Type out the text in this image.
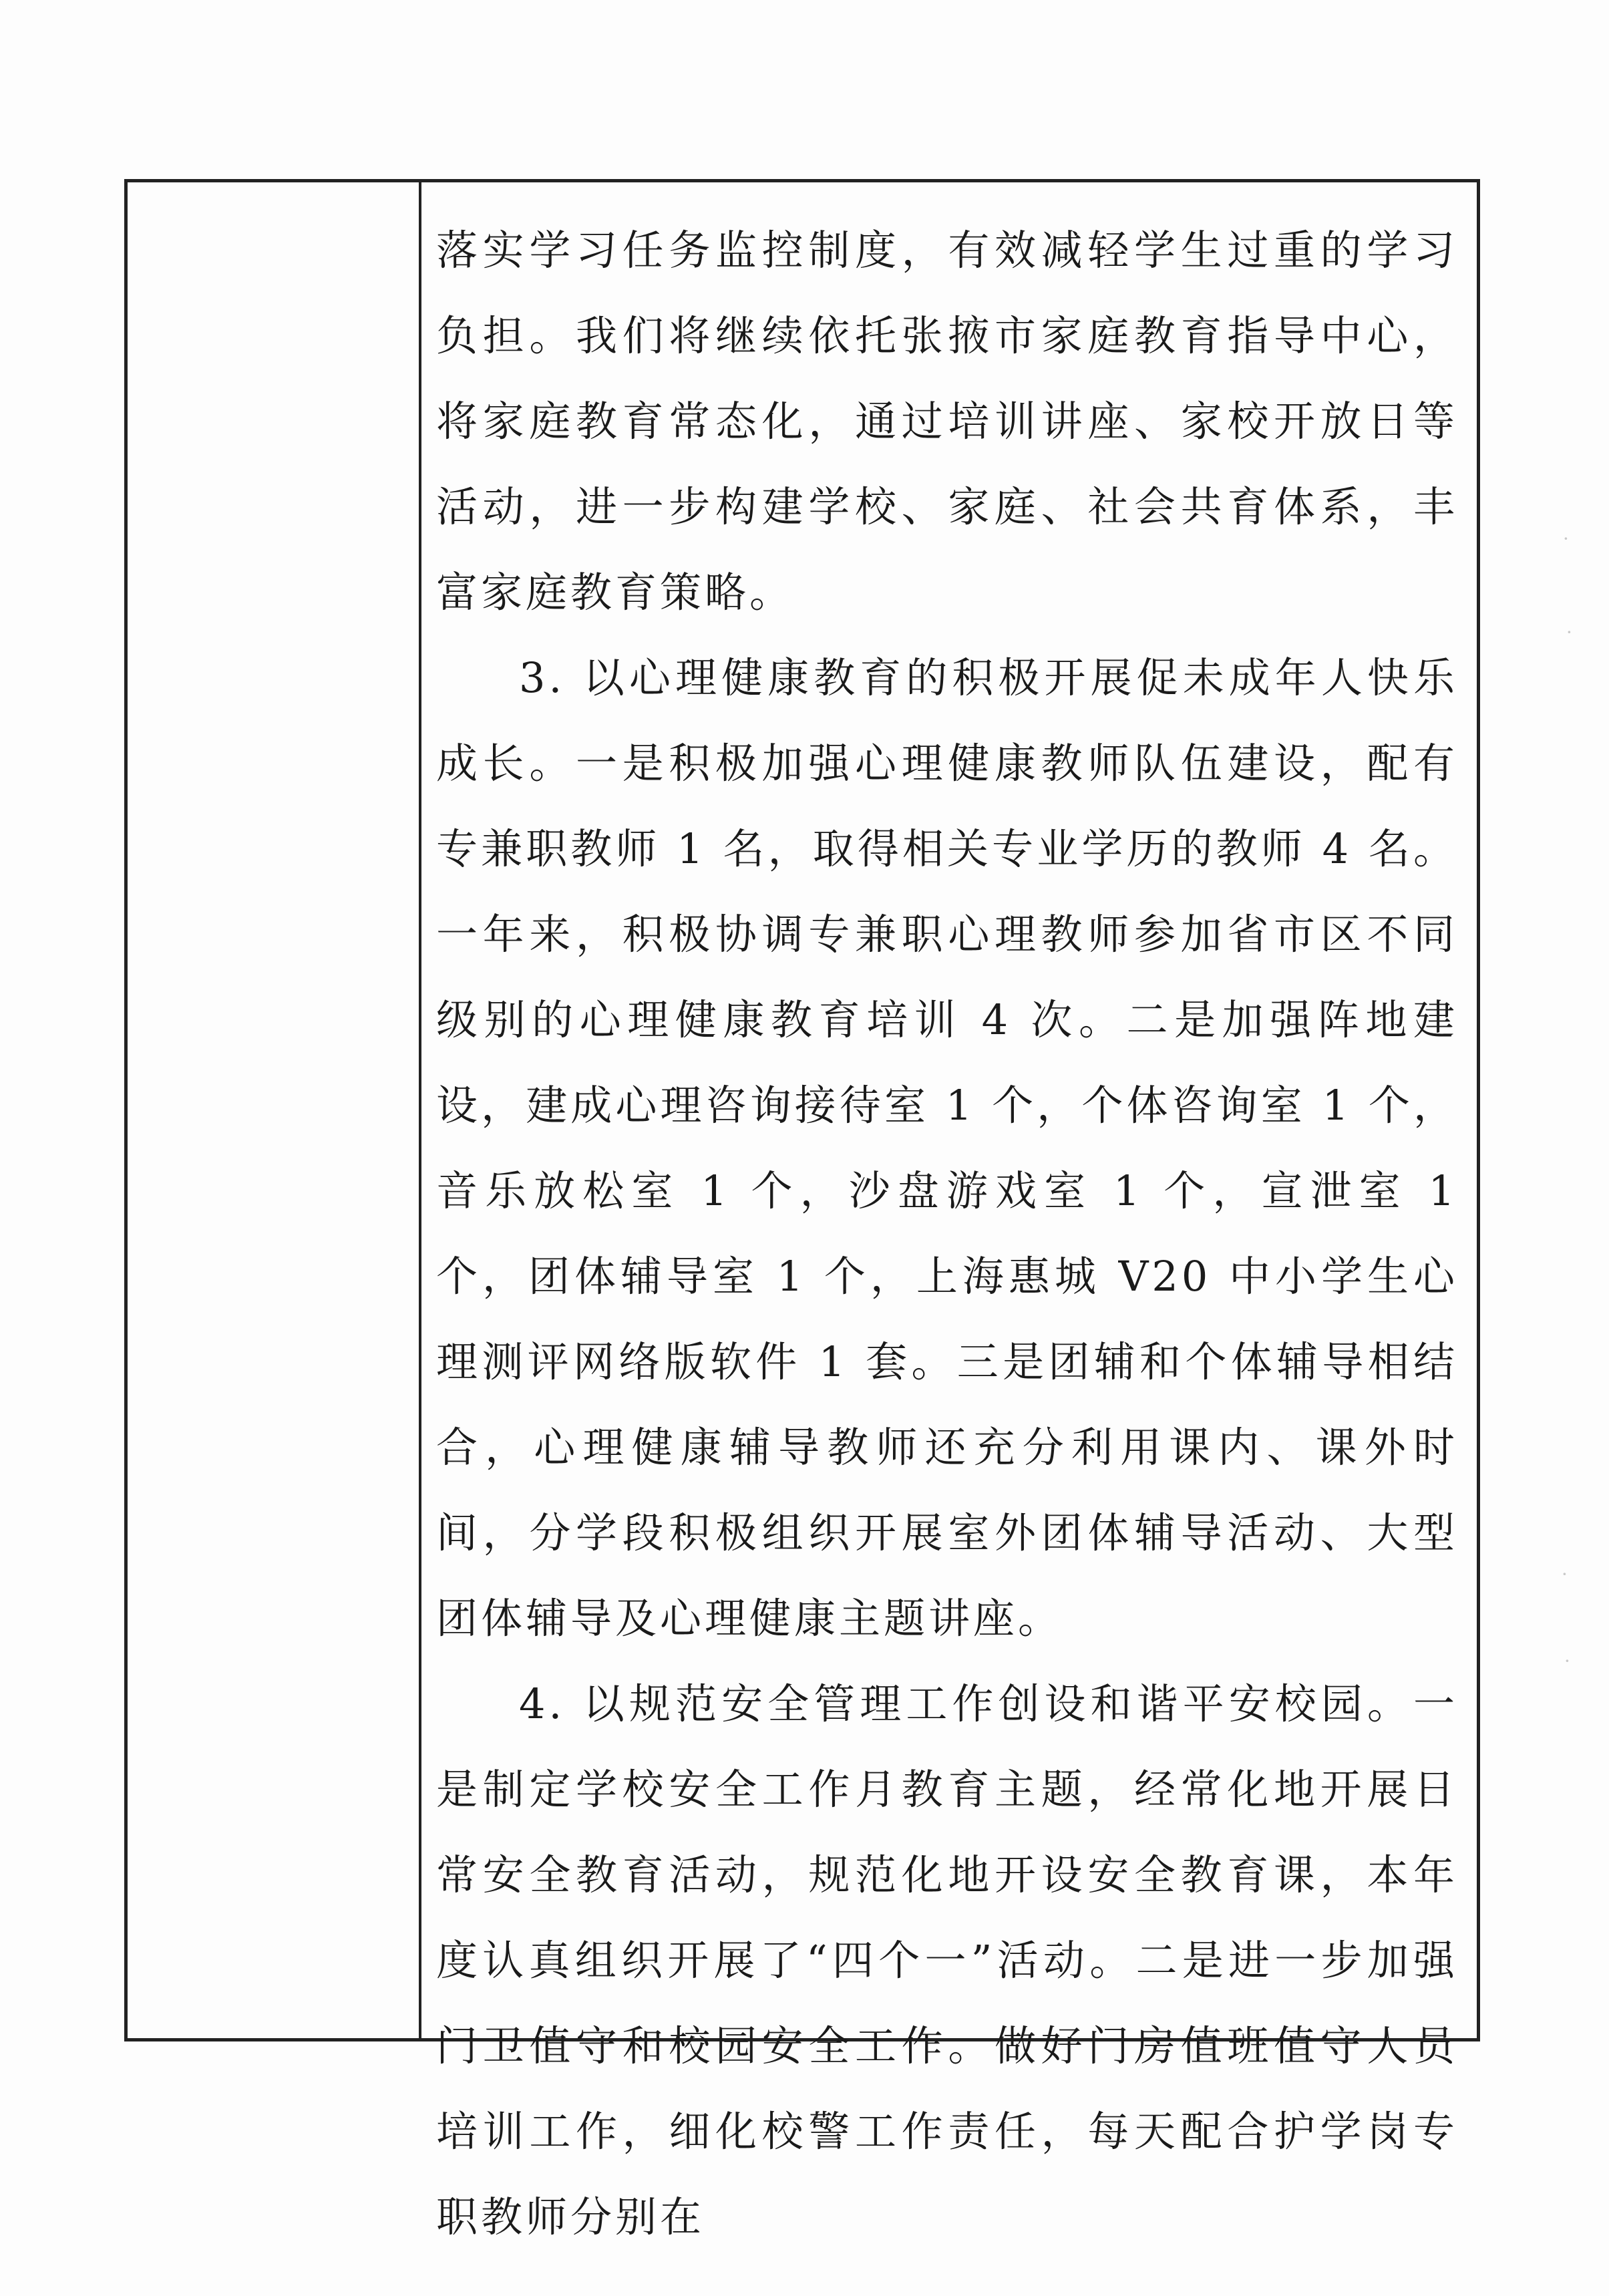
·
·
·
·

落实学习任务监控制度，有效减轻学生过重的学习负担。我们将继续依托张掖市家庭教育指导中心，将家庭教育常态化，通过培训讲座、家校开放日等活动，进一步构建学校、家庭、社会共育体系，丰富家庭教育策略。

3. 以心理健康教育的积极开展促未成年人快乐成长。一是积极加强心理健康教师队伍建设，配有专兼职教师 1 名，取得相关专业学历的教师 4 名。一年来，积极协调专兼职心理教师参加省市区不同级别的心理健康教育培训 4 次。二是加强阵地建设，建成心理咨询接待室 1 个，个体咨询室 1 个，音乐放松室 1 个，沙盘游戏室 1 个，宣泄室 1 个，团体辅导室 1 个，上海惠城 V20 中小学生心理测评网络版软件 1 套。三是团辅和个体辅导相结合，心理健康辅导教师还充分利用课内、课外时间，分学段积极组织开展室外团体辅导活动、大型团体辅导及心理健康主题讲座。

4. 以规范安全管理工作创设和谐平安校园。一是制定学校安全工作月教育主题，经常化地开展日常安全教育活动，规范化地开设安全教育课，本年度认真组织开展了“四个一”活动。二是进一步加强门卫值守和校园安全工作。做好门房值班值守人员培训工作，细化校警工作责任，每天配合护学岗专职教师分别在
